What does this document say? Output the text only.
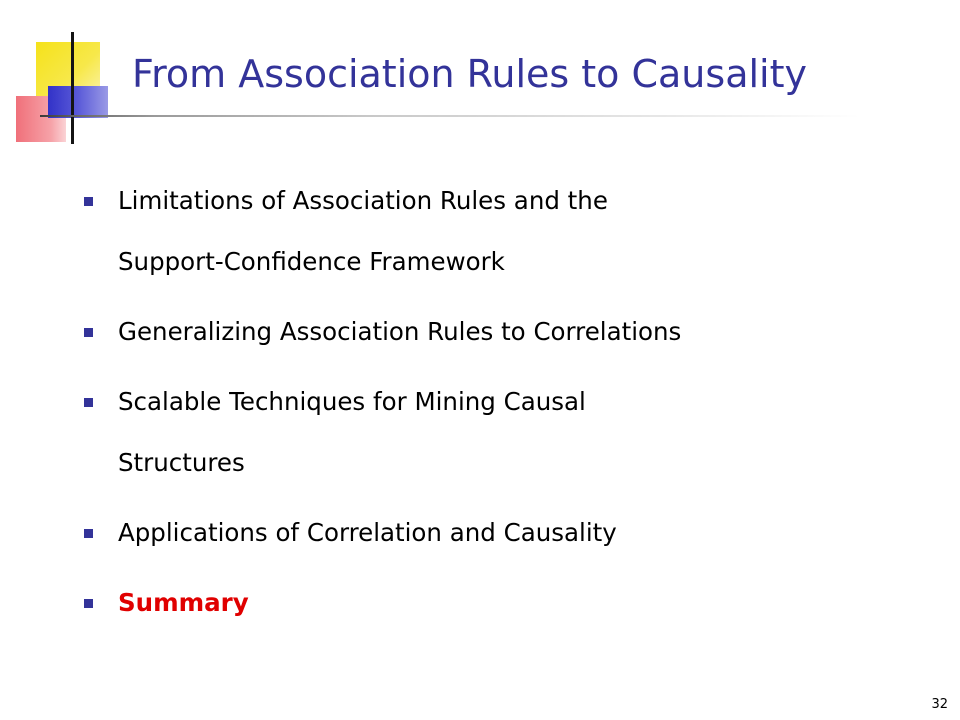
From Association Rules to Causality
Limitations of Association Rules and the
Support-Confidence Framework
Generalizing Association Rules to Correlations
Scalable Techniques for Mining Causal
Structures
Applications of Correlation and Causality
Summary
32
